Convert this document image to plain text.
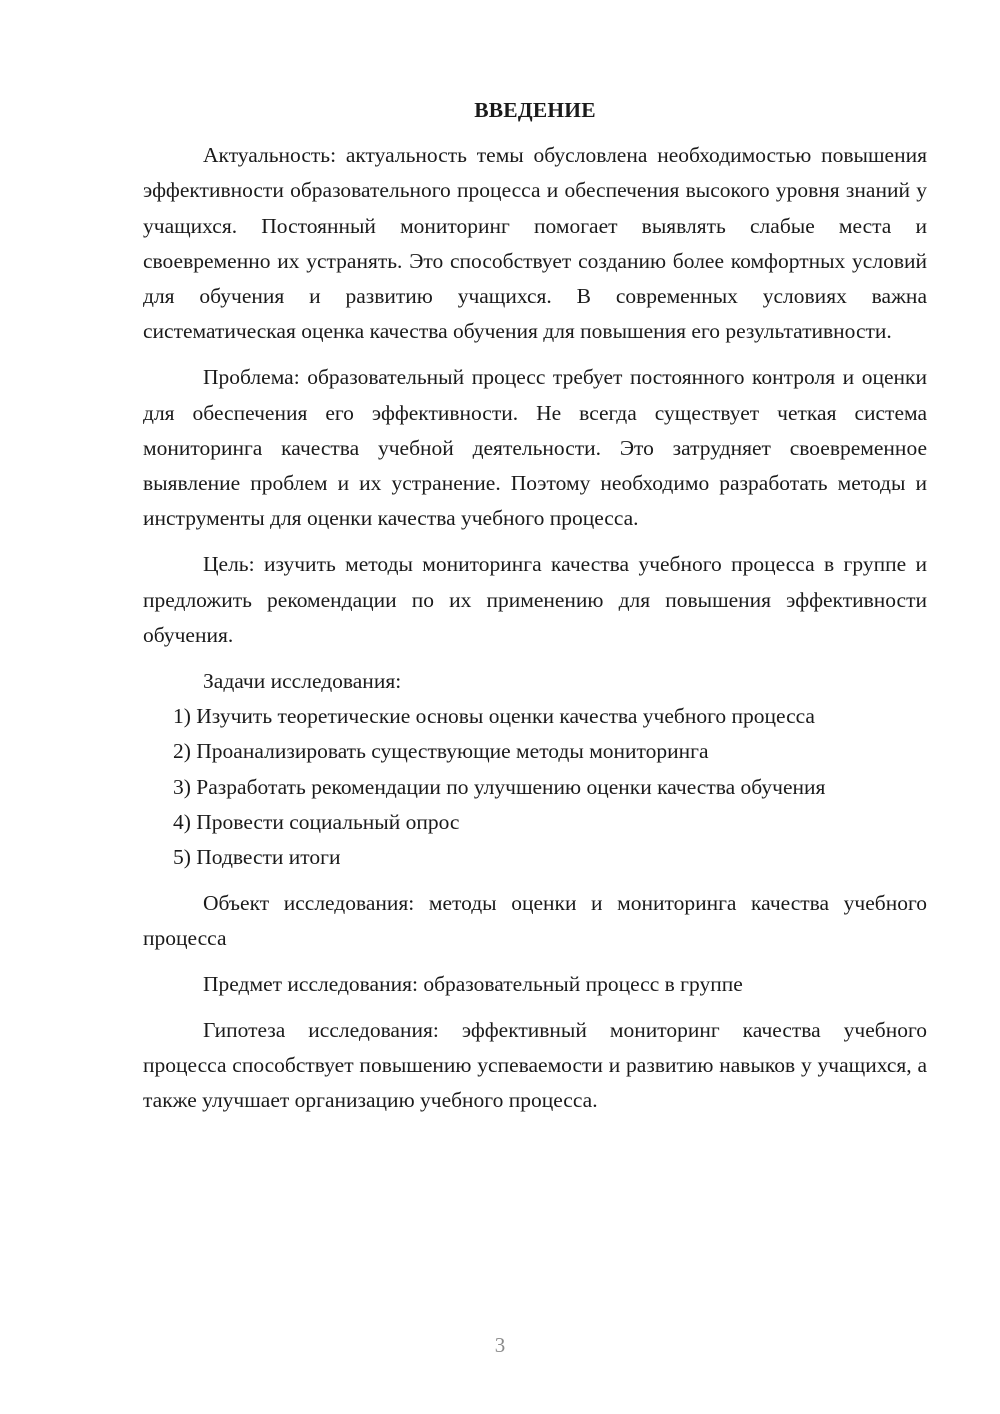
ВВЕДЕНИЕ

Актуальность: актуальность темы обусловлена необходимостью повышения эффективности образовательного процесса и обеспечения высокого уровня знаний у учащихся. Постоянный мониторинг помогает выявлять слабые места и своевременно их устранять. Это способствует созданию более комфортных условий для обучения и развитию учащихся. В современных условиях важна систематическая оценка качества обучения для повышения его результативности.

Проблема: образовательный процесс требует постоянного контроля и оценки для обеспечения его эффективности. Не всегда существует четкая система мониторинга качества учебной деятельности. Это затрудняет своевременное выявление проблем и их устранение. Поэтому необходимо разработать методы и инструменты для оценки качества учебного процесса.

Цель: изучить методы мониторинга качества учебного процесса в группе и предложить рекомендации по их применению для повышения эффективности обучения.

Задачи исследования:

1) Изучить теоретические основы оценки качества учебного процесса

2) Проанализировать существующие методы мониторинга

3) Разработать рекомендации по улучшению оценки качества обучения

4) Провести социальный опрос

5) Подвести итоги

Объект исследования: методы оценки и мониторинга качества учебного процесса

Предмет исследования: образовательный процесс в группе

Гипотеза исследования: эффективный мониторинг качества учебного процесса способствует повышению успеваемости и развитию навыков у учащихся, а также улучшает организацию учебного процесса.

3
